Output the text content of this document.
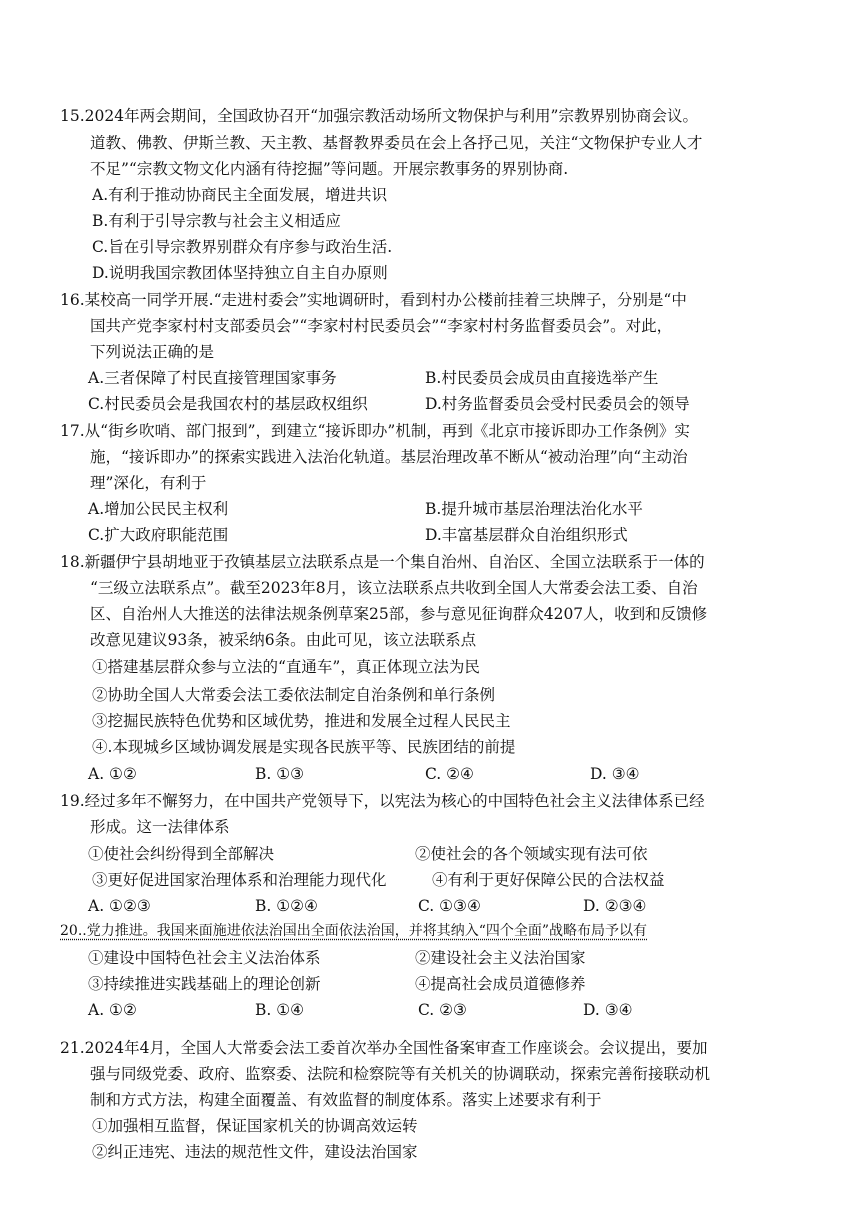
15.2024年两会期间，全国政协召开“加强宗教活动场所文物保护与利用”宗教界别协商会议。
道教、佛教、伊斯兰教、天主教、基督教界委员在会上各抒己见，关注“文物保护专业人才
不足”“宗教文物文化内涵有待挖掘”等问题。开展宗教事务的界别协商.
A.有利于推动协商民主全面发展，增进共识
B.有利于引导宗教与社会主义相适应
C.旨在引导宗教界别群众有序参与政治生活.
D.说明我国宗教团体坚持独立自主自办原则
16.某校高一同学开展.“走进村委会”实地调研时，看到村办公楼前挂着三块牌子，分别是“中
国共产党李家村村支部委员会”“李家村村民委员会”“李家村村务监督委员会”。对此，
下列说法正确的是
A.三者保障了村民直接管理国家事务	B.村民委员会成员由直接选举产生
C.村民委员会是我国农村的基层政权组织	D.村务监督委员会受村民委员会的领导
17.从“街乡吹哨、部门报到”，到建立“接诉即办”机制，再到《北京市接诉即办工作条例》实
施，“接诉即办”的探索实践进入法治化轨道。基层治理改革不断从“被动治理”向“主动治
理”深化，有利于
A.增加公民民主权利	B.提升城市基层治理法治化水平
C.扩大政府职能范围	D.丰富基层群众自治组织形式
18.新疆伊宁县胡地亚于孜镇基层立法联系点是一个集自治州、自治区、全国立法联系于一体的
“三级立法联系点”。截至2023年8月，该立法联系点共收到全国人大常委会法工委、自治
区、自治州人大推送的法律法规条例草案25部，参与意见征询群众4207人，收到和反馈修
改意见建议93条，被采纳6条。由此可见，该立法联系点
①搭建基层群众参与立法的“直通车”，真正体现立法为民
②协助全国人大常委会法工委依法制定自治条例和单行条例
③挖掘民族特色优势和区域优势，推进和发展全过程人民民主
④.本现城乡区域协调发展是实现各民族平等、民族团结的前提
A. ①②	B. ①③	C. ②④	D. ③④
19.经过多年不懈努力，在中国共产党领导下，以宪法为核心的中国特色社会主义法律体系已经
形成。这一法律体系
①使社会纠纷得到全部解决	②使社会的各个领域实现有法可依
③更好促进国家治理体系和治理能力现代化	④有利于更好保障公民的合法权益
A. ①②③	B. ①②④	C. ①③④	D. ②③④
20..党力推进。我国来面施进依法治国出全面依法治国，并将其纳入“四个全面”战略布局予以有
①建设中国特色社会主义法治体系	②建设社会主义法治国家
③持续推进实践基础上的理论创新	④提高社会成员道德修养
A. ①②	B. ①④	C. ②③	D. ③④
21.2024年4月，全国人大常委会法工委首次举办全国性备案审查工作座谈会。会议提出，要加
强与同级党委、政府、监察委、法院和检察院等有关机关的协调联动，探索完善衔接联动机
制和方式方法，构建全面覆盖、有效监督的制度体系。落实上述要求有利于
①加强相互监督，保证国家机关的协调高效运转
②纠正违宪、违法的规范性文件，建设法治国家
